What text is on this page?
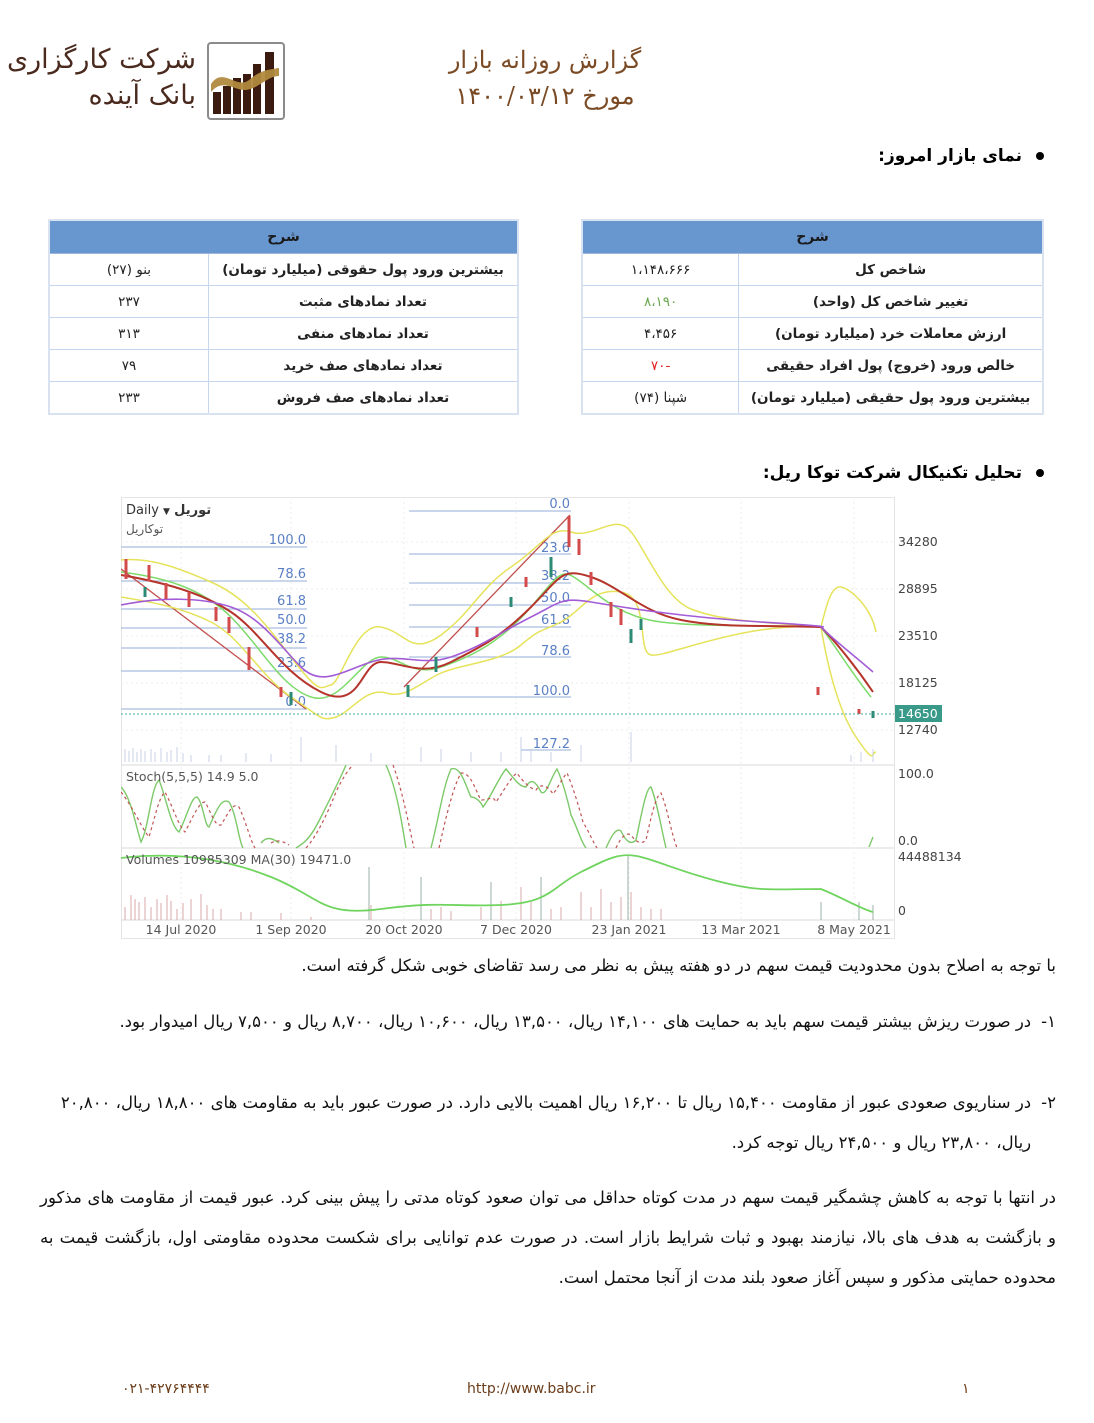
شرکت کارگزاری
بانک آینده
گزارش روزانه بازار
مورخ ۱۴۰۰/۰۳/۱۲
نمای بازار امروز:
شرح	
شاخص کل	۱،۱۴۸،۶۶۶
تغییر شاخص کل (واحد)	۸،۱۹۰
ارزش معاملات خرد (میلیارد تومان)	۴،۴۵۶
خالص ورود (خروج) پول افراد حقیقی	-۷۰
بیشترین ورود پول حقیقی (میلیارد تومان)	شپنا (۷۴)
شرح	
بیشترین ورود پول حقوقی (میلیارد تومان)	بنو (۲۷)
تعداد نمادهای مثبت	۲۳۷
تعداد نمادهای منفی	۳۱۳
تعداد نمادهای صف خرید	۷۹
تعداد نمادهای صف فروش	۲۳۳
تحلیل تکنیکال شرکت توکا ریل:
100.0
78.6
61.8
50.0
38.2
23.6
0.0
0.0
23.6
38.2
50.0
61.8
78.6
100.0
127.2
34280
28895
23510
18125
12740
14650
100.0
0.0
Stoch(5,5,5) 14.9 5.0
Volumes 10985309 MA(30) 19471.0	44488134
0
14 Jul 2020	1 Sep 2020	20 Oct 2020	7 Dec 2020	23 Jan 2021	13 Mar 2021	8 May 2021
Daily ▼ توریل
توکاریل
با توجه به اصلاح بدون محدودیت قیمت سهم در دو هفته پیش به نظر می رسد تقاضای خوبی شکل گرفته است.
۱-
در صورت ریزش بیشتر قیمت سهم باید به حمایت های ۱۴,۱۰۰ ریال، ۱۳,۵۰۰ ریال، ۱۰,۶۰۰ ریال، ۸,۷۰۰ ریال و ۷,۵۰۰ ریال امیدوار بود.
۲-
در سناریوی صعودی عبور از مقاومت ۱۵,۴۰۰ ریال تا ۱۶,۲۰۰ ریال اهمیت بالایی دارد. در صورت عبور باید به مقاومت های ۱۸,۸۰۰ ریال، ۲۰,۸۰۰ ریال، ۲۳,۸۰۰ ریال و ۲۴,۵۰۰ ریال توجه کرد.
در انتها با توجه به کاهش چشمگیر قیمت سهم در مدت کوتاه حداقل می توان صعود کوتاه مدتی را پیش بینی کرد. عبور قیمت از مقاومت های مذکور و بازگشت به هدف های بالا، نیازمند بهبود و ثبات شرایط بازار است. در صورت عدم توانایی برای شکست محدوده مقاومتی اول، بازگشت قیمت به محدوده حمایتی مذکور و سپس آغاز صعود بلند مدت از آنجا محتمل است.
۰۲۱-۴۲۷۶۴۴۴۴	http://www.babc.ir	۱
